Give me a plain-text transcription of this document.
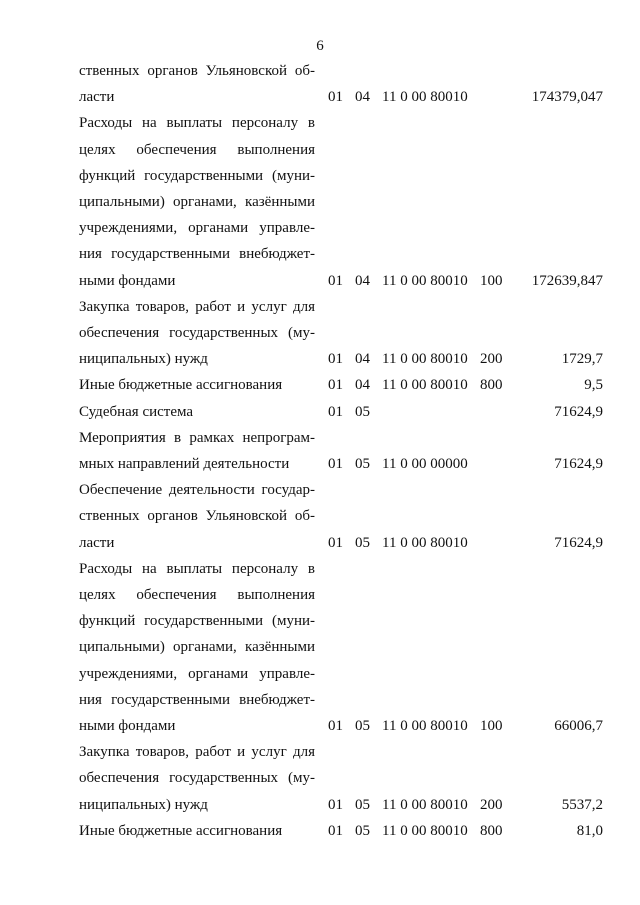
6
ственных органов Ульяновской об-
ласти	01 04 11 0 00 80010	174379,047
Расходы на выплаты персоналу в
целях обеспечения выполнения
функций государственными (муни-
ципальными) органами, казёнными
учреждениями, органами управле-
ния государственными внебюджет-
ными фондами	01 04 11 0 00 80010 100 172639,847
Закупка товаров, работ и услуг для
обеспечения государственных (му-
ниципальных) нужд	01 04 11 0 00 80010 200	1729,7
Иные бюджетные ассигнования	01 04 11 0 00 80010 800	9,5
Судебная система	01 05	71624,9
Мероприятия в рамках непрограм-
мных направлений деятельности	01 05 11 0 00 00000	71624,9
Обеспечение деятельности государ-
ственных органов Ульяновской об-
ласти	01 05 11 0 00 80010	71624,9
Расходы на выплаты персоналу в
целях обеспечения выполнения
функций государственными (муни-
ципальными) органами, казёнными
учреждениями, органами управле-
ния государственными внебюджет-
ными фондами	01 05 11 0 00 80010 100	66006,7
Закупка товаров, работ и услуг для
обеспечения государственных (му-
ниципальных) нужд	01 05 11 0 00 80010 200	5537,2
Иные бюджетные ассигнования	01 05 11 0 00 80010 800	81,0
